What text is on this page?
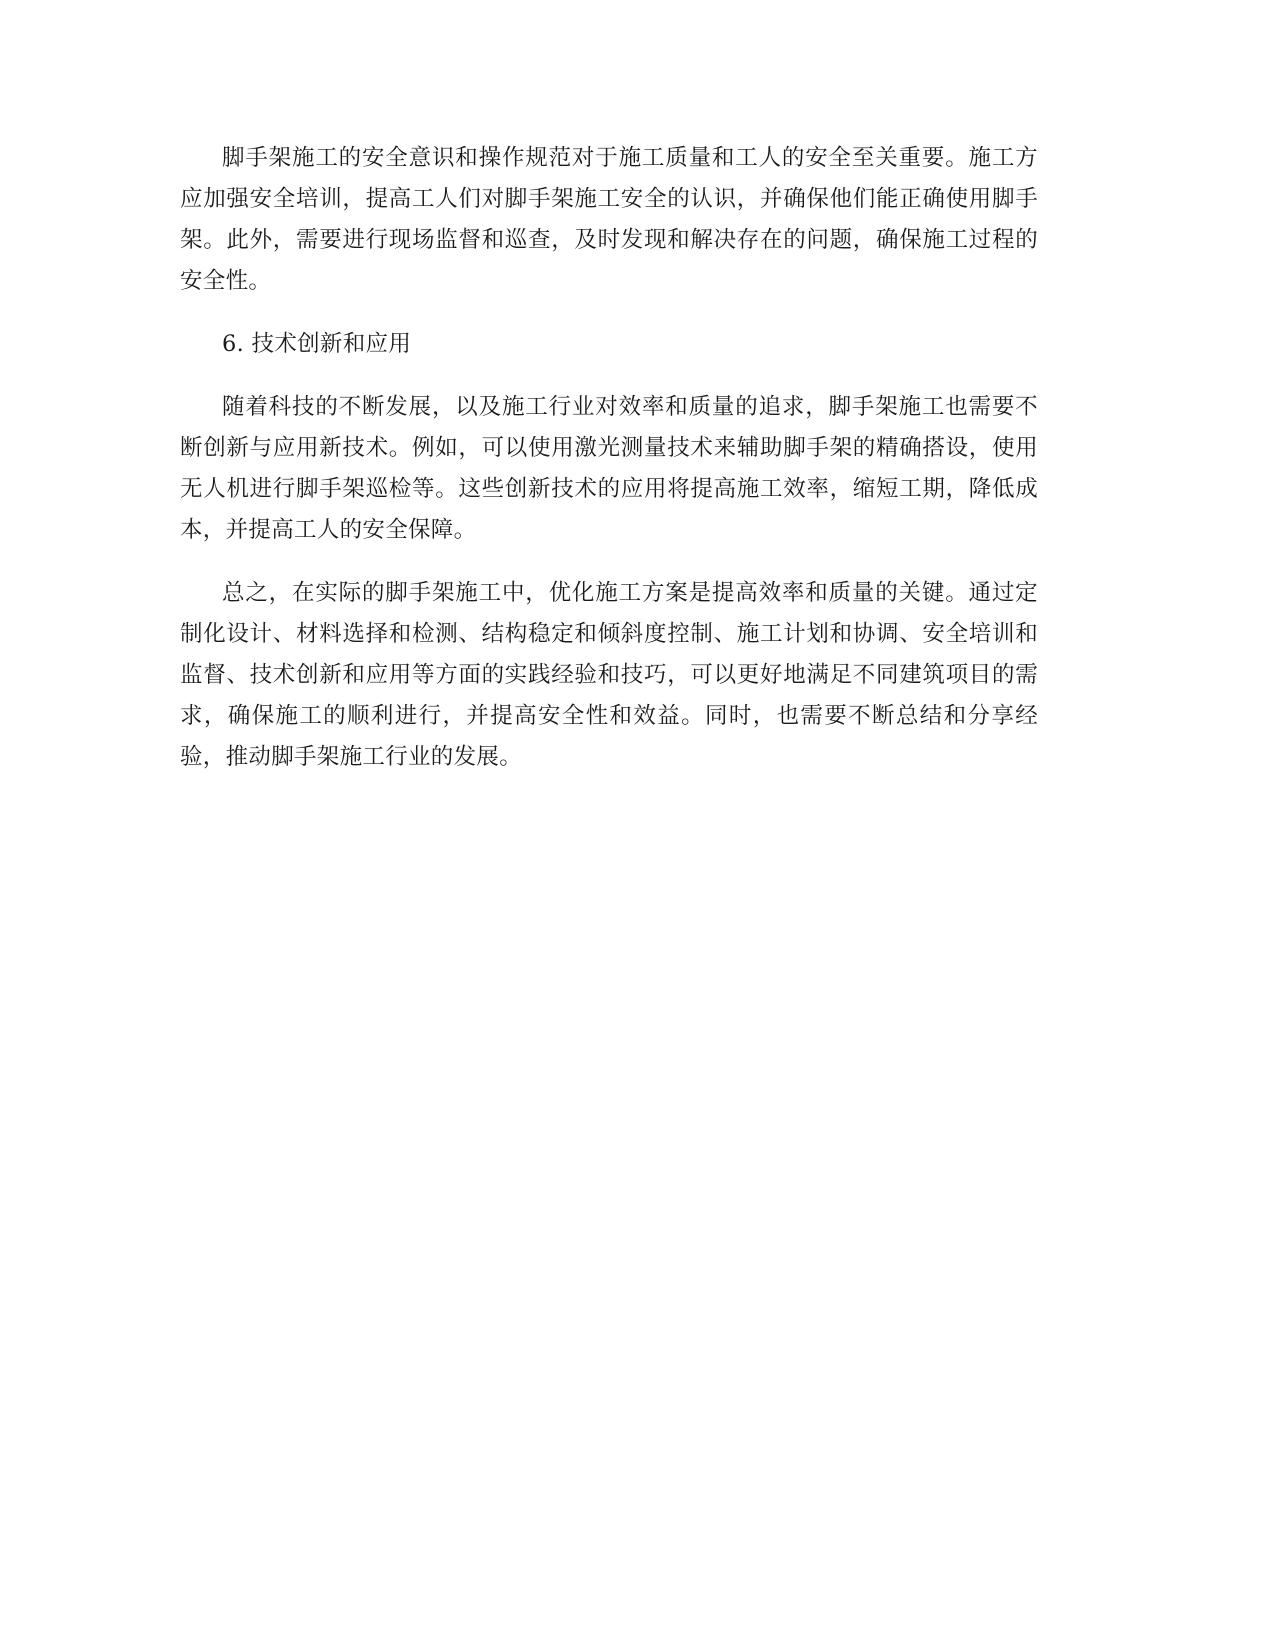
脚手架施工的安全意识和操作规范对于施工质量和工人的安全至关重要。施工方应加强安全培训，提高工人们对脚手架施工安全的认识，并确保他们能正确使用脚手架。此外，需要进行现场监督和巡查，及时发现和解决存在的问题，确保施工过程的安全性。

6. 技术创新和应用

随着科技的不断发展，以及施工行业对效率和质量的追求，脚手架施工也需要不断创新与应用新技术。例如，可以使用激光测量技术来辅助脚手架的精确搭设，使用无人机进行脚手架巡检等。这些创新技术的应用将提高施工效率，缩短工期，降低成本，并提高工人的安全保障。

总之，在实际的脚手架施工中，优化施工方案是提高效率和质量的关键。通过定制化设计、材料选择和检测、结构稳定和倾斜度控制、施工计划和协调、安全培训和监督、技术创新和应用等方面的实践经验和技巧，可以更好地满足不同建筑项目的需求，确保施工的顺利进行，并提高安全性和效益。同时，也需要不断总结和分享经验，推动脚手架施工行业的发展。
